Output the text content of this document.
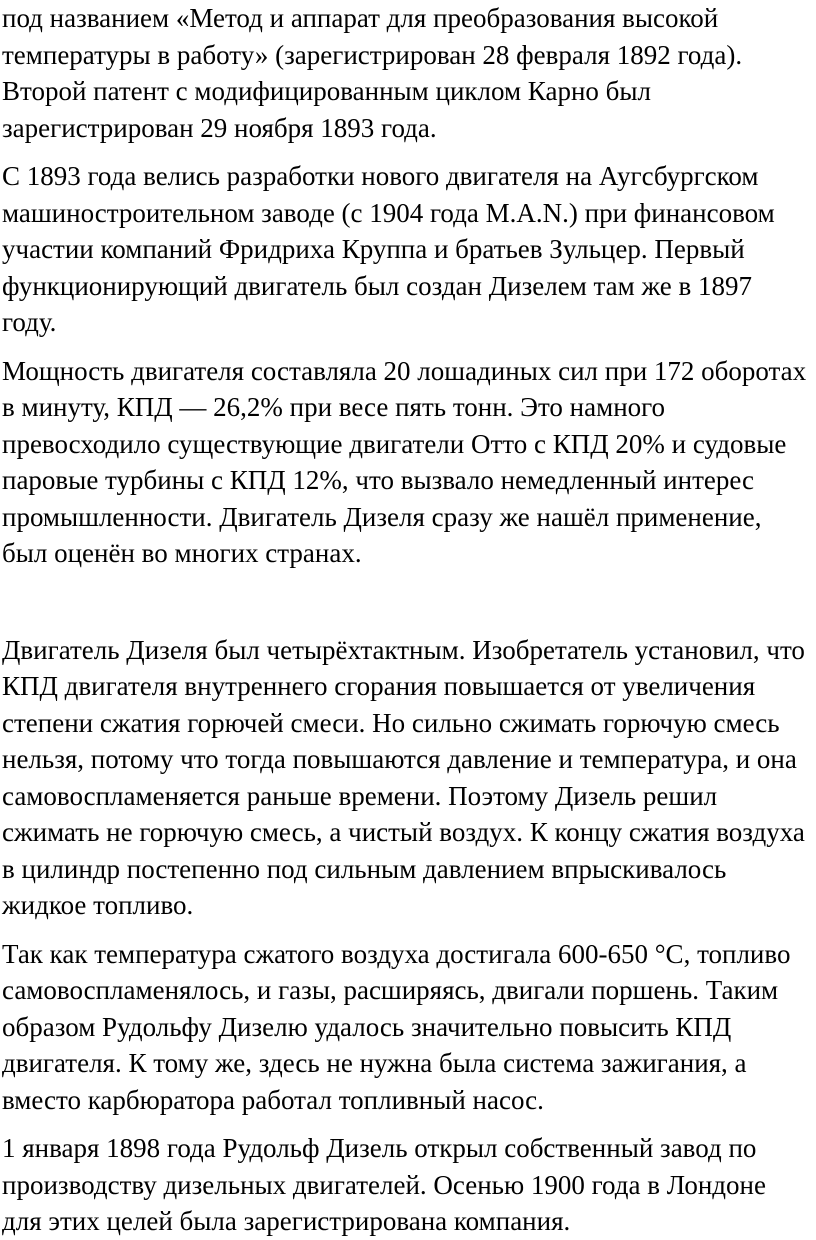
под названием «Метод и аппарат для преобразования высокой температуры в работу» (зарегистрирован 28 февраля 1892 года). Второй патент с модифицированным циклом Карно был зарегистрирован 29 ноября 1893 года.

С 1893 года велись разработки нового двигателя на Аугсбургском машиностроительном заводе (с 1904 года M.A.N.) при финансовом участии компаний Фридриха Круппа и братьев Зульцер. Первый функционирующий двигатель был создан Дизелем там же в 1897 году.

Мощность двигателя составляла 20 лошадиных сил при 172 оборотах в минуту, КПД — 26,2% при весе пять тонн. Это намного превосходило существующие двигатели Отто с КПД 20% и судовые паровые турбины с КПД 12%, что вызвало немедленный интерес промышленности. Двигатель Дизеля сразу же нашёл применение, был оценён во многих странах.

Двигатель Дизеля был четырёхтактным. Изобретатель установил, что КПД двигателя внутреннего сгорания повышается от увеличения степени сжатия горючей смеси. Но сильно сжимать горючую смесь нельзя, потому что тогда повышаются давление и температура, и она самовоспламеняется раньше времени. Поэтому Дизель решил сжимать не горючую смесь, а чистый воздух. К концу сжатия воздуха в цилиндр постепенно под сильным давлением впрыскивалось жидкое топливо.

Так как температура сжатого воздуха достигала 600-650 °С, топливо самовоспламенялось, и газы, расширяясь, двигали поршень. Таким образом Рудольфу Дизелю удалось значительно повысить КПД двигателя. К тому же, здесь не нужна была система зажигания, а вместо карбюратора работал топливный насос.

1 января 1898 года Рудольф Дизель открыл собственный завод по производству дизельных двигателей. Осенью 1900 года в Лондоне для этих целей была зарегистрирована компания.
